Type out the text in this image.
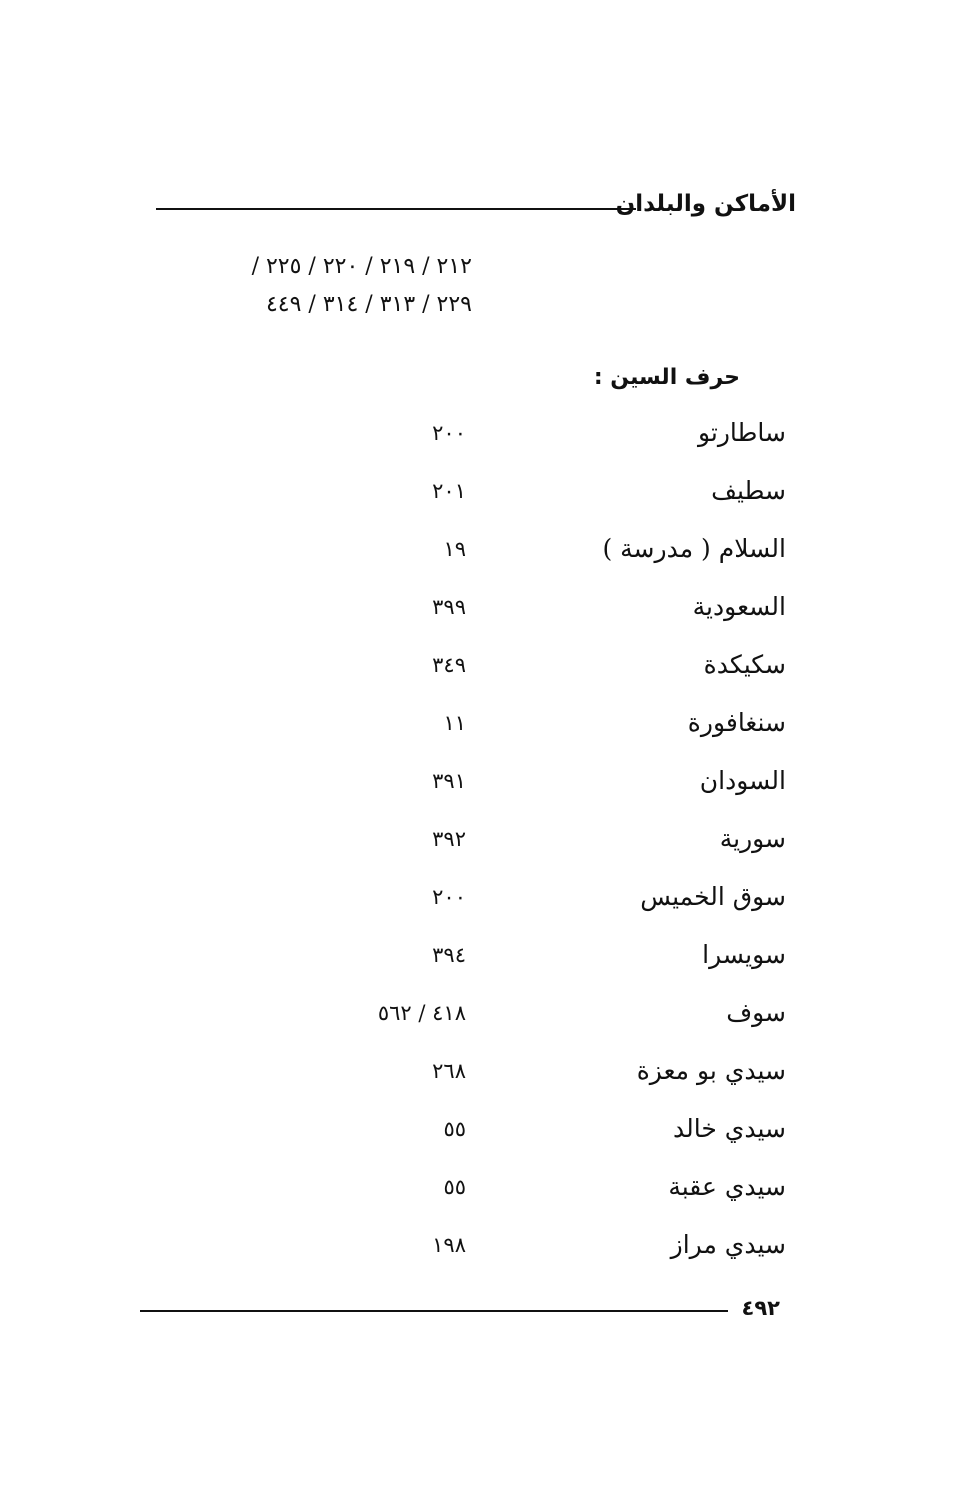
الأماكن والبلدان
٢١٢ / ٢١٩ / ٢٢٠ / ٢٢٥ /
٢٢٩ / ٣١٣ / ٣١٤ / ٤٤٩
حرف السين :
ساطارتو
٢٠٠
سطيف
٢٠١
السلام ( مدرسة )
١٩
السعودية
٣٩٩
سكيكدة
٣٤٩
سنغافورة
١١
السودان
٣٩١
سورية
٣٩٢
سوق الخميس
٢٠٠
سويسرا
٣٩٤
سوف
٤١٨ / ٥٦٢
سيدي بو معزة
٢٦٨
سيدي خالد
٥٥
سيدي عقبة
٥٥
سيدي مراز
١٩٨
٤٩٢
